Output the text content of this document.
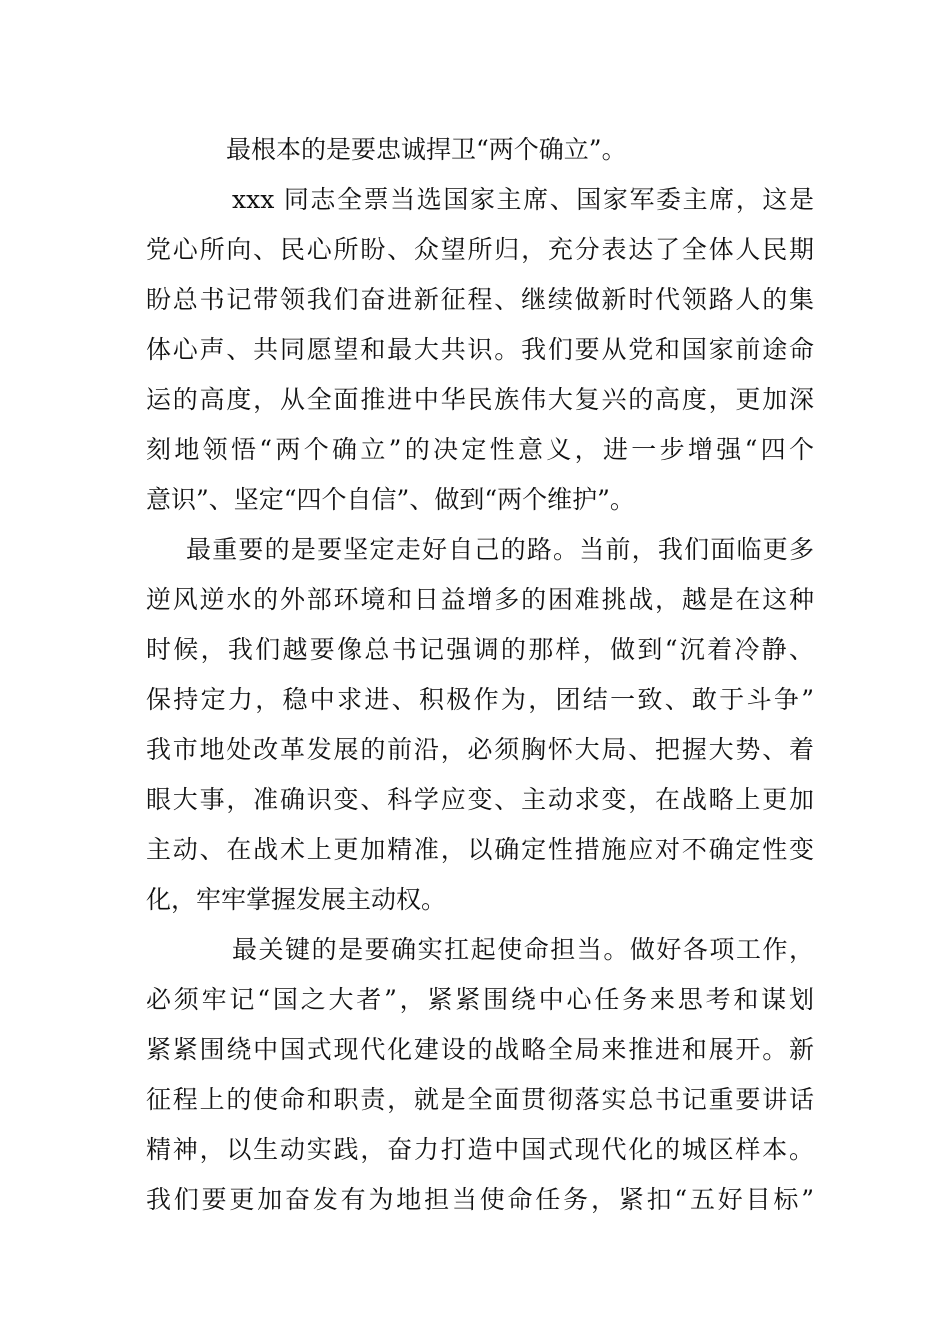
最根本的是要忠诚捍卫“两个确立”。
xxx 同志全票当选国家主席、国家军委主席，这是
党心所向、民心所盼、众望所归，充分表达了全体人民期
盼总书记带领我们奋进新征程、继续做新时代领路人的集
体心声、共同愿望和最大共识。我们要从党和国家前途命
运的高度，从全面推进中华民族伟大复兴的高度，更加深
刻地领悟“两个确立”的决定性意义，进一步增强“四个
意识”、坚定“四个自信”、做到“两个维护”。
最重要的是要坚定走好自己的路。当前，我们面临更多
逆风逆水的外部环境和日益增多的困难挑战，越是在这种
时候，我们越要像总书记强调的那样，做到“沉着冷静、
保持定力，稳中求进、积极作为，团结一致、敢于斗争”
我市地处改革发展的前沿，必须胸怀大局、把握大势、着
眼大事，准确识变、科学应变、主动求变，在战略上更加
主动、在战术上更加精准，以确定性措施应对不确定性变
化，牢牢掌握发展主动权。
最关键的是要确实扛起使命担当。做好各项工作，
必须牢记“国之大者”，紧紧围绕中心任务来思考和谋划
紧紧围绕中国式现代化建设的战略全局来推进和展开。新
征程上的使命和职责，就是全面贯彻落实总书记重要讲话
精神，以生动实践，奋力打造中国式现代化的城区样本。
我们要更加奋发有为地担当使命任务，紧扣“五好目标”
